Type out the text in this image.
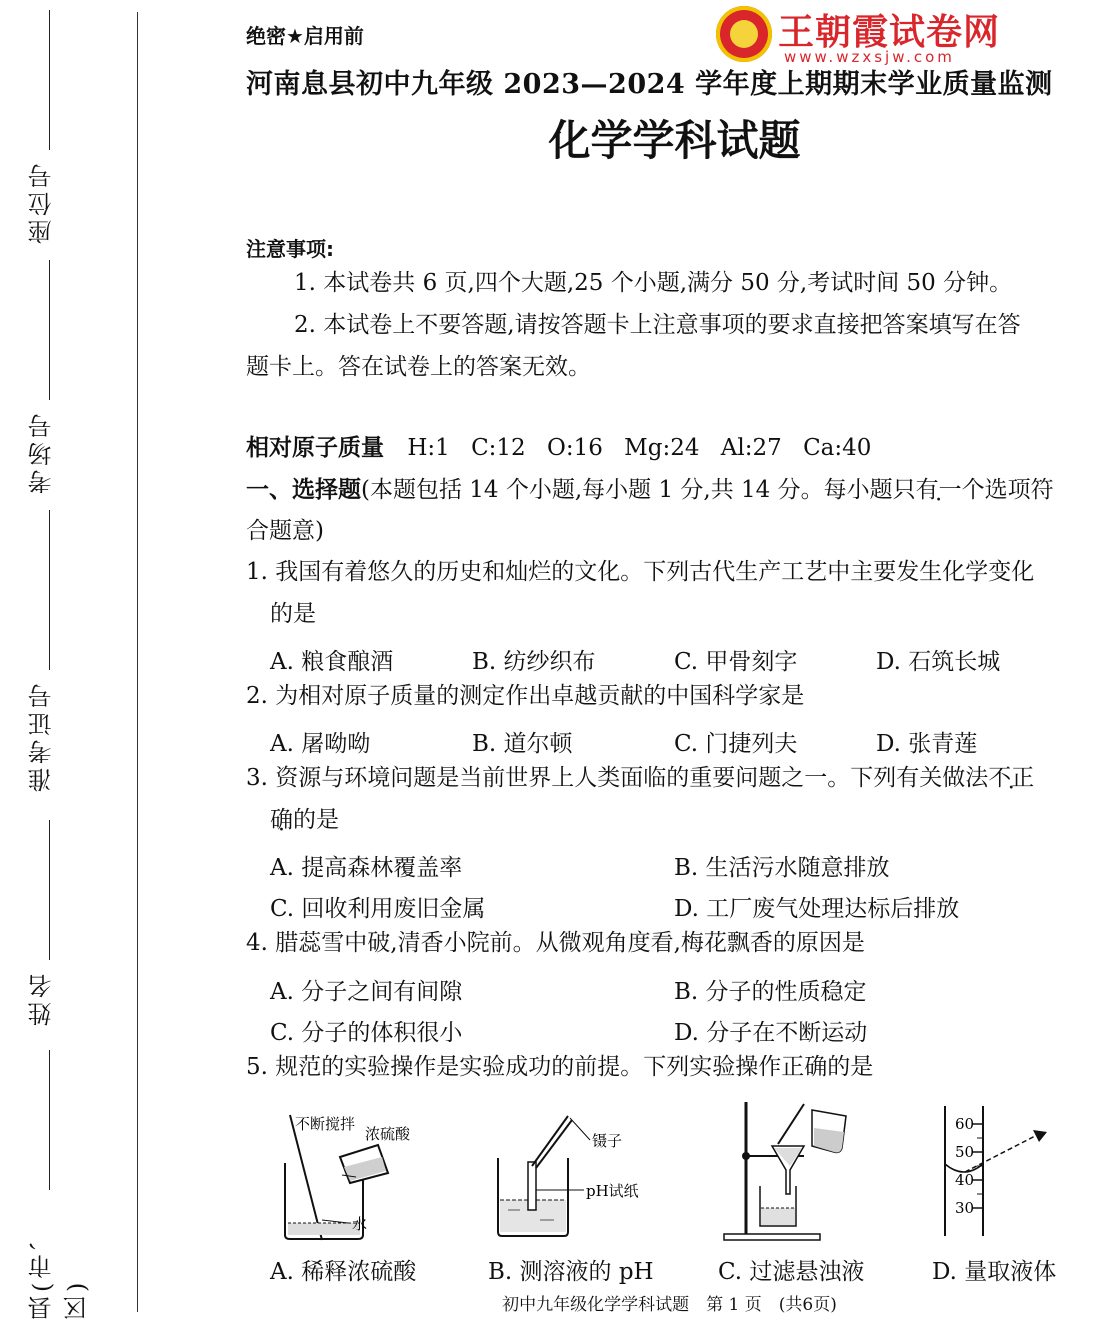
座位号
考场号
准考证号
姓名
县(市、区)
绝密★启用前	王朝霞试卷网
www.wzxsjw.com
河南息县初中九年级 2023—2024 学年度上期期末学业质量监测
化学学科试题
注意事项:
1. 本试卷共 6 页,四个大题,25 个小题,满分 50 分,考试时间 50 分钟。
2. 本试卷上不要答题,请按答题卡上注意事项的要求直接把答案填写在答
题卡上。答在试卷上的答案无效。
相对原子质量 H:1 C:12 O:16 Mg:24 Al:27 Ca:40
一、选择题(本题包括 14 个小题,每小题 1 分,共 14 分。每小题只有一个选项符
合题意)
1. 我国有着悠久的历史和灿烂的文化。下列古代生产工艺中主要发生化学变化
的是
A. 粮食酿酒	B. 纺纱织布	C. 甲骨刻字	D. 石筑长城
2. 为相对原子质量的测定作出卓越贡献的中国科学家是
A. 屠呦呦	B. 道尔顿	C. 门捷列夫	D. 张青莲
3. 资源与环境问题是当前世界上人类面临的重要问题之一。下列有关做法不正
确的是
A. 提高森林覆盖率	B. 生活污水随意排放
C. 回收利用废旧金属	D. 工厂废气处理达标后排放
4. 腊蕊雪中破,清香小院前。从微观角度看,梅花飘香的原因是
A. 分子之间有间隙	B. 分子的性质稳定
C. 分子的体积很小	D. 分子在不断运动
5. 规范的实验操作是实验成功的前提。下列实验操作正确的是
不断搅拌
浓硫酸
水
镊子
pH试纸
60
50
40
30
A. 稀释浓硫酸	B. 测溶液的 pH	C. 过滤悬浊液	D. 量取液体
初中九年级化学学科试题　第 1 页　(共6页)
